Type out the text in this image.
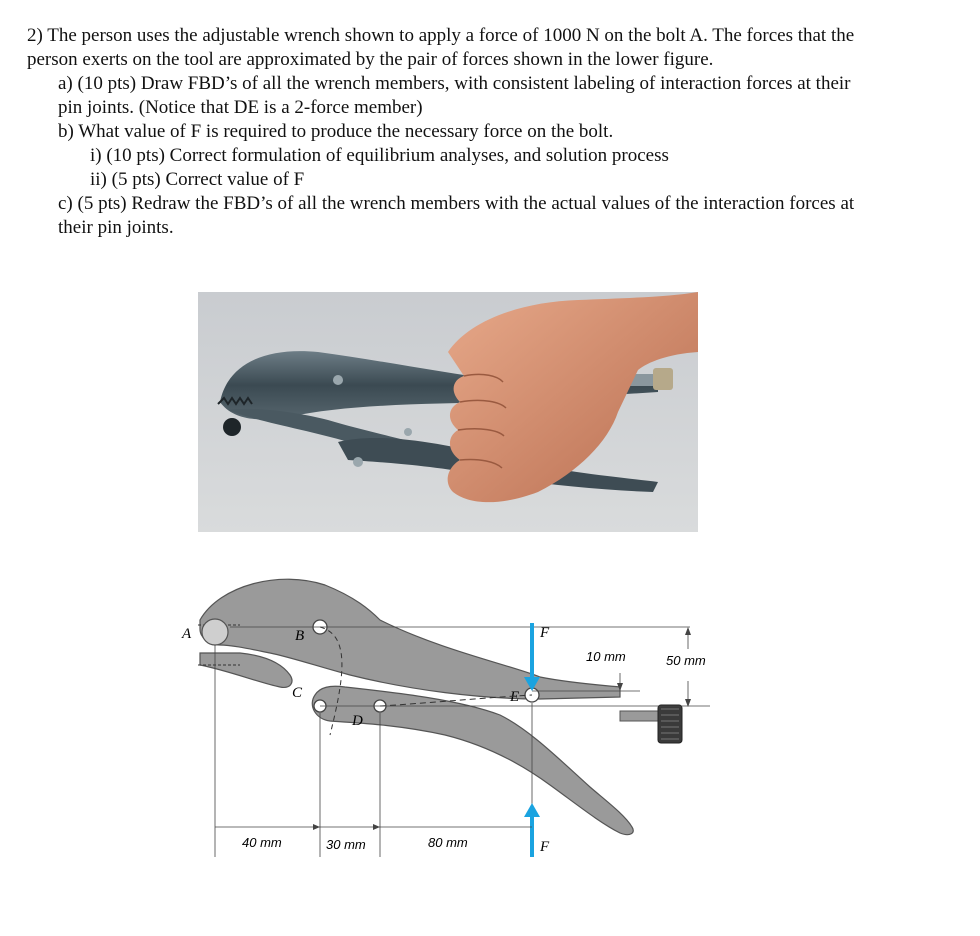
2) The person uses the adjustable wrench shown to apply a force of 1000 N on the bolt A. The forces that the
person exerts on the tool are approximated by the pair of forces shown in the lower figure.
a) (10 pts) Draw FBD’s of all the wrench members, with consistent labeling of interaction forces at their
pin joints. (Notice that DE is a 2-force member)
b) What value of F is required to produce the necessary force on the bolt.
i) (10 pts) Correct formulation of equilibrium analyses, and solution process
ii) (5 pts) Correct value of F
c) (5 pts) Redraw the FBD’s of all the wrench members with the actual values of the interaction forces at
their pin joints.
A	B
C
D
E
F
F
40 mm	30 mm	80 mm
10 mm	50 mm
